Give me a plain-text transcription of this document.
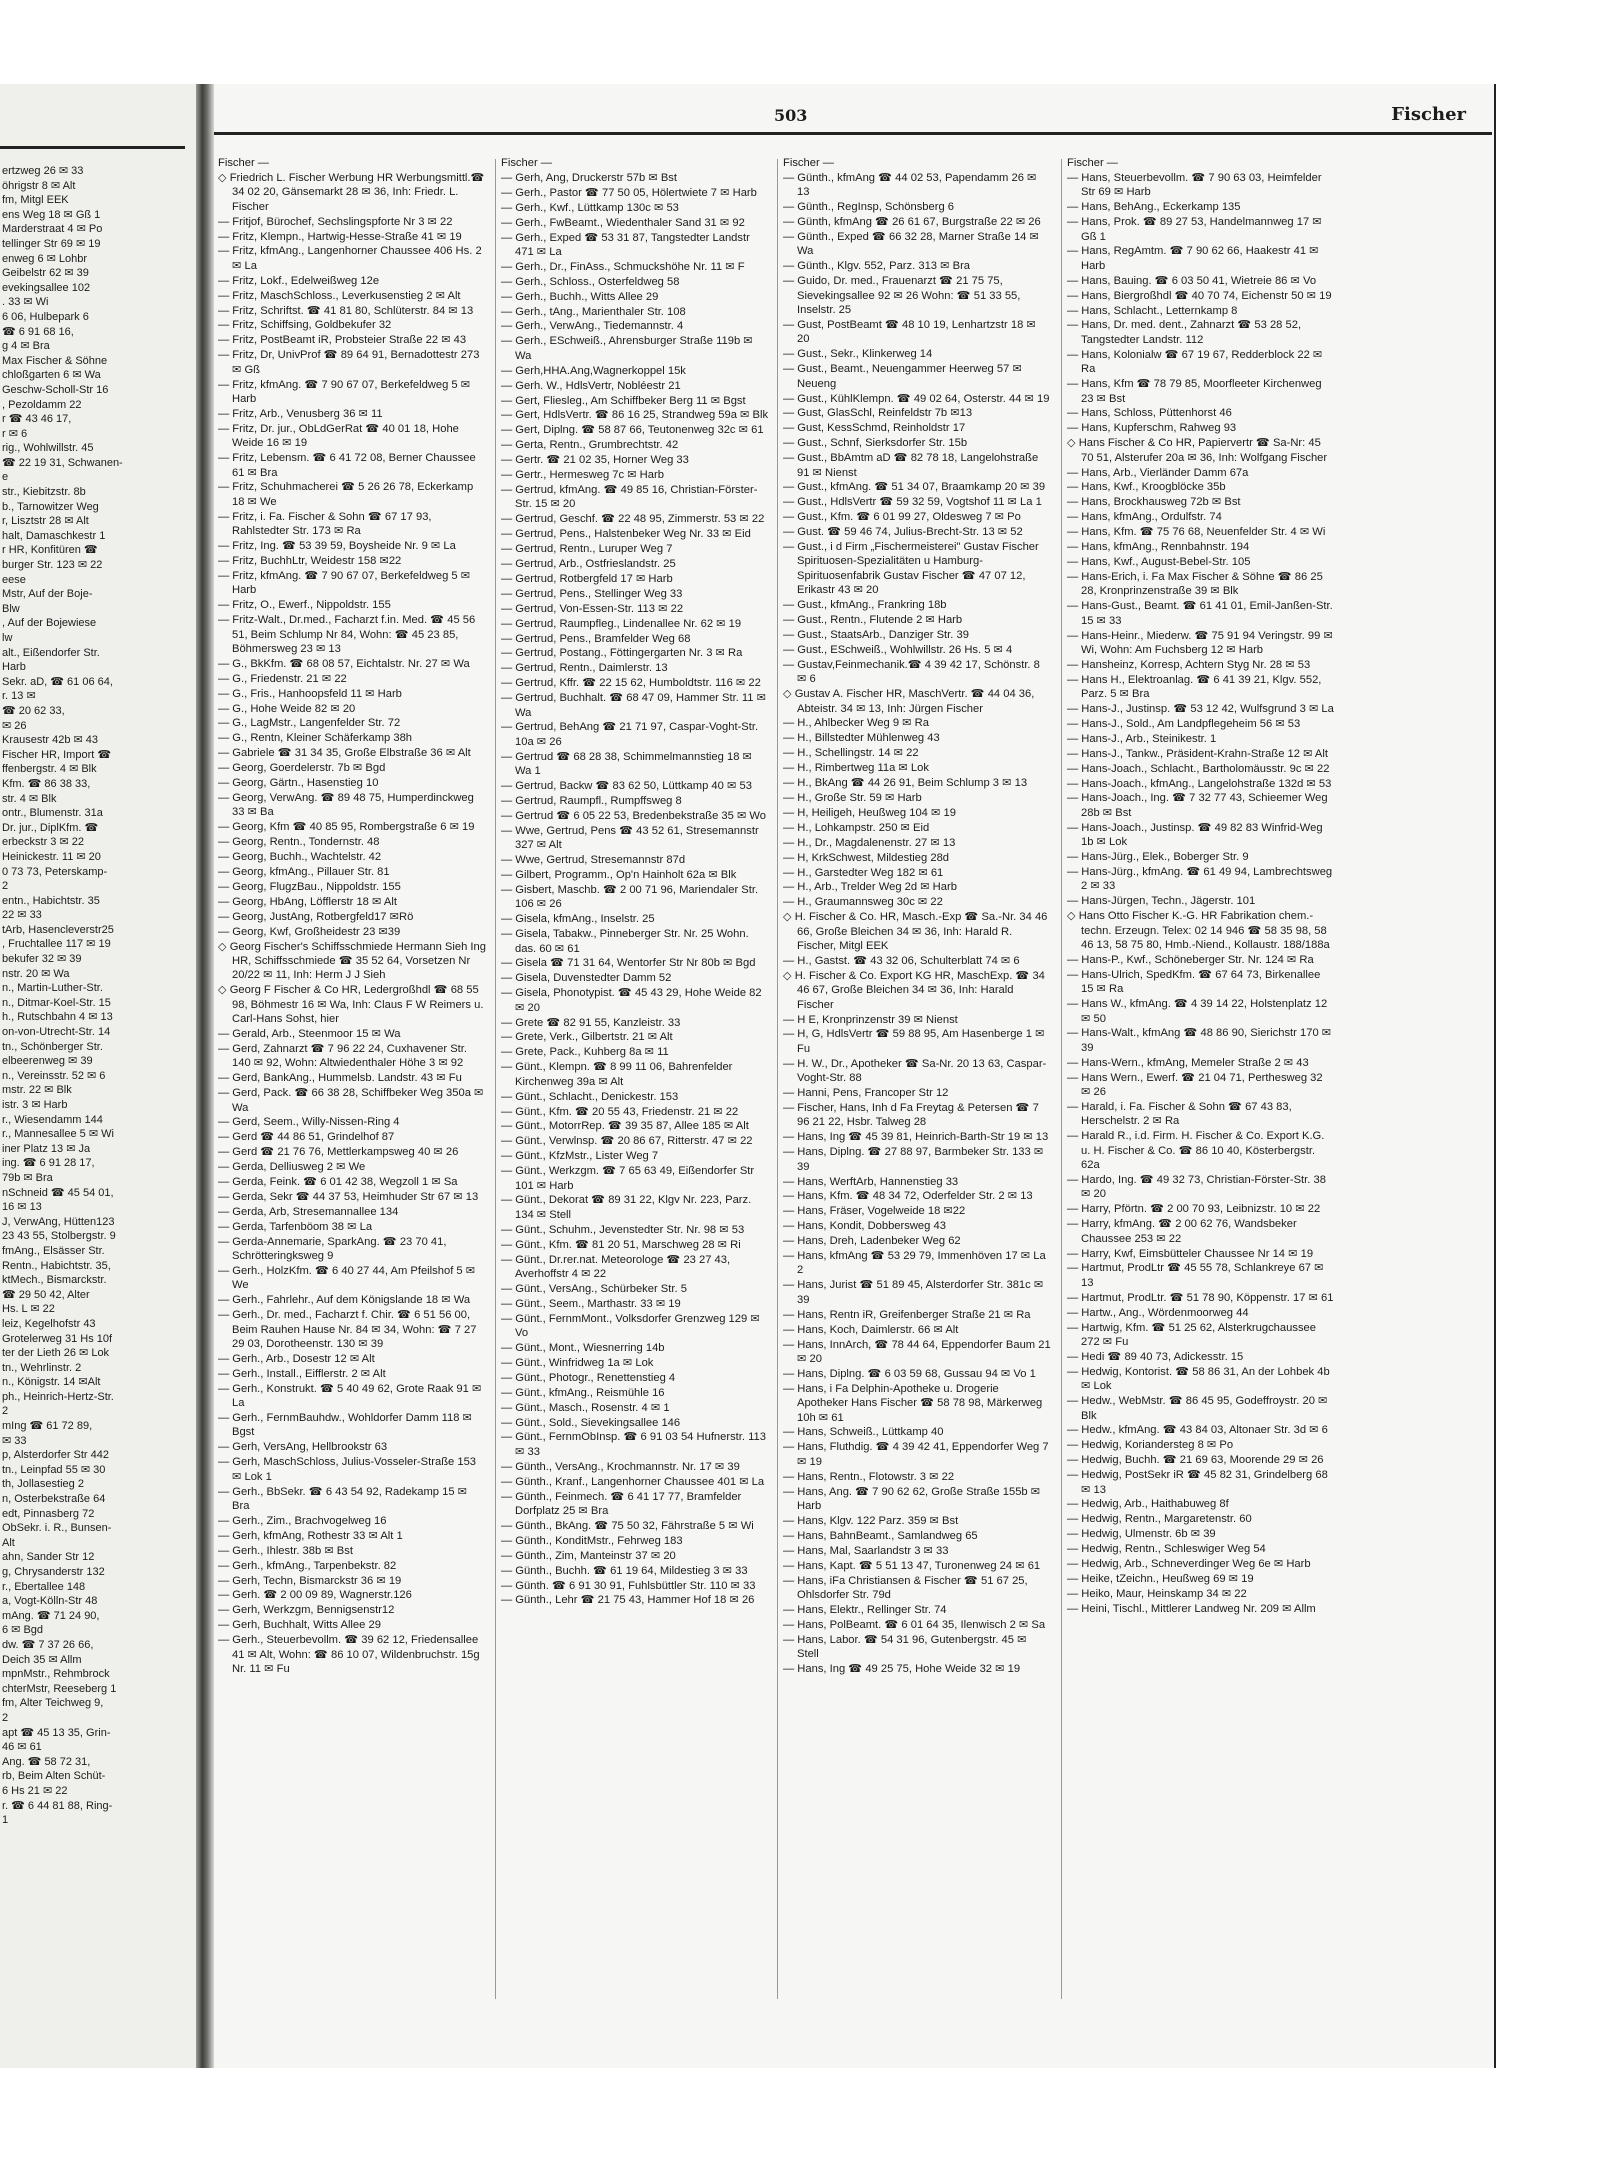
ertzweg 26 ✉ 33
öhrigstr 8 ✉ Alt
fm, Mitgl EEK
ens Weg 18 ✉ Gß 1
Marderstraat 4 ✉ Po
tellinger Str 69 ✉ 19
enweg 6 ✉ Lohbr
Geibelstr 62 ✉ 39
evekingsallee 102
. 33 ✉ Wi
6 06, Hulbepark 6
☎ 6 91 68 16,
g 4 ✉ Bra
Max Fischer & Söhne
chloßgarten 6 ✉ Wa
Geschw-Scholl-Str 16
, Pezoldamm 22
r ☎ 43 46 17,
r ✉ 6
rig., Wohlwillstr. 45
☎ 22 19 31, Schwanen-
e
str., Kiebitzstr. 8b
b., Tarnowitzer Weg
r, Lisztstr 28 ✉ Alt
halt, Damaschkestr 1
r HR, Konfitüren ☎
burger Str. 123 ✉ 22
eese
Mstr, Auf der Boje-
Blw
, Auf der Bojewiese
lw
alt., Eißendorfer Str.
Harb
Sekr. aD, ☎ 61 06 64,
r. 13 ✉
☎ 20 62 33,
✉ 26
Krausestr 42b ✉ 43
Fischer HR, Import ☎
ffenbergstr. 4 ✉ Blk
Kfm. ☎ 86 38 33,
str. 4 ✉ Blk
ontr., Blumenstr. 31a
Dr. jur., DiplKfm. ☎
erbeckstr 3 ✉ 22
Heinickestr. 11 ✉ 20
0 73 73, Peterskamp-
2
entn., Habichtstr. 35
22 ✉ 33
tArb, Hasencleverstr25
, Fruchtallee 117 ✉ 19
bekufer 32 ✉ 39
nstr. 20 ✉ Wa
n., Martin-Luther-Str.
n., Ditmar-Koel-Str. 15
h., Rutschbahn 4 ✉ 13
on-von-Utrecht-Str. 14
tn., Schönberger Str.
elbeerenweg ✉ 39
n., Vereinsstr. 52 ✉ 6
mstr. 22 ✉ Blk
istr. 3 ✉ Harb
r., Wiesendamm 144
r., Mannesallee 5 ✉ Wi
iner Platz 13 ✉ Ja
ing. ☎ 6 91 28 17,
79b ✉ Bra
nSchneid ☎ 45 54 01,
16 ✉ 13
J, VerwAng, Hütten123
23 43 55, Stolbergstr. 9
fmAng., Elsässer Str.
Rentn., Habichtstr. 35,
ktMech., Bismarckstr.
☎ 29 50 42, Alter
Hs. L ✉ 22
leiz, Kegelhofstr 43
Grotelerweg 31 Hs 10f
ter der Lieth 26 ✉ Lok
tn., Wehrlinstr. 2
n., Königstr. 14 ✉Alt
ph., Heinrich-Hertz-Str.
2
mIng ☎ 61 72 89,
✉ 33
p, Alsterdorfer Str 442
tn., Leinpfad 55 ✉ 30
th, Jollasestieg 2
n, Osterbekstraße 64
edt, Pinnasberg 72
ObSekr. i. R., Bunsen-
Alt
ahn, Sander Str 12
g, Chrysanderstr 132
r., Ebertallee 148
a, Vogt-Kölln-Str 48
mAng. ☎ 71 24 90,
6 ✉ Bgd
dw. ☎ 7 37 26 66,
Deich 35 ✉ Allm
mpnMstr., Rehmbrock
chterMstr, Reeseberg 1
fm, Alter Teichweg 9,
2
apt ☎ 45 13 35, Grin-
46 ✉ 61
Ang. ☎ 58 72 31,
rb, Beim Alten Schüt-
6 Hs 21 ✉ 22
r. ☎ 6 44 81 88, Ring-
1
503	Fischer
Fischer —
◇ Friedrich L. Fischer Werbung HR Werbungsmittl.☎ 34 02 20, Gänsemarkt 28 ✉ 36, Inh: Friedr. L. Fischer
— Fritjof, Bürochef, Sechslingspforte Nr 3 ✉ 22
— Fritz, Klempn., Hartwig-Hesse-Straße 41 ✉ 19
— Fritz, kfmAng., Langenhorner Chaussee 406 Hs. 2 ✉ La
— Fritz, Lokf., Edelweißweg 12e
— Fritz, MaschSchloss., Leverkusenstieg 2 ✉ Alt
— Fritz, Schriftst. ☎ 41 81 80, Schlüterstr. 84 ✉ 13
— Fritz, Schiffsing, Goldbekufer 32
— Fritz, PostBeamt iR, Probsteier Straße 22 ✉ 43
— Fritz, Dr, UnivProf ☎ 89 64 91, Bernadottestr 273 ✉ Gß
— Fritz, kfmAng. ☎ 7 90 67 07, Berkefeldweg 5 ✉ Harb
— Fritz, Arb., Venusberg 36 ✉ 11
— Fritz, Dr. jur., ObLdGerRat ☎ 40 01 18, Hohe Weide 16 ✉ 19
— Fritz, Lebensm. ☎ 6 41 72 08, Berner Chaussee 61 ✉ Bra
— Fritz, Schuhmacherei ☎ 5 26 26 78, Eckerkamp 18 ✉ We
— Fritz, i. Fa. Fischer & Sohn ☎ 67 17 93, Rahlstedter Str. 173 ✉ Ra
— Fritz, Ing. ☎ 53 39 59, Boysheide Nr. 9 ✉ La
— Fritz, BuchhLtr, Weidestr 158 ✉22
— Fritz, kfmAng. ☎ 7 90 67 07, Berkefeldweg 5 ✉ Harb
— Fritz, O., Ewerf., Nippoldstr. 155
— Fritz-Walt., Dr.med., Facharzt f.in. Med. ☎ 45 56 51, Beim Schlump Nr 84, Wohn: ☎ 45 23 85, Böhmersweg 23 ✉ 13
— G., BkKfm. ☎ 68 08 57, Eichtalstr. Nr. 27 ✉ Wa
— G., Friedenstr. 21 ✉ 22
— G., Fris., Hanhoopsfeld 11 ✉ Harb
— G., Hohe Weide 82 ✉ 20
— G., LagMstr., Langenfelder Str. 72
— G., Rentn, Kleiner Schäferkamp 38h
— Gabriele ☎ 31 34 35, Große Elbstraße 36 ✉ Alt
— Georg, Goerdelerstr. 7b ✉ Bgd
— Georg, Gärtn., Hasenstieg 10
— Georg, VerwAng. ☎ 89 48 75, Humperdinckweg 33 ✉ Ba
— Georg, Kfm ☎ 40 85 95, Rombergstraße 6 ✉ 19
— Georg, Rentn., Tondernstr. 48
— Georg, Buchh., Wachtelstr. 42
— Georg, kfmAng., Pillauer Str. 81
— Georg, FlugzBau., Nippoldstr. 155
— Georg, HbAng, Löfflerstr 18 ✉ Alt
— Georg, JustAng, Rotbergfeld17 ✉Rö
— Georg, Kwf, Großheidestr 23 ✉39
◇ Georg Fischer's Schiffsschmiede Hermann Sieh Ing HR, Schiffsschmiede ☎ 35 52 64, Vorsetzen Nr 20/22 ✉ 11, Inh: Herm J J Sieh
◇ Georg F Fischer & Co HR, Ledergroßhdl ☎ 68 55 98, Böhmestr 16 ✉ Wa, Inh: Claus F W Reimers u. Carl-Hans Sohst, hier
— Gerald, Arb., Steenmoor 15 ✉ Wa
— Gerd, Zahnarzt ☎ 7 96 22 24, Cuxhavener Str. 140 ✉ 92, Wohn: Altwiedenthaler Höhe 3 ✉ 92
— Gerd, BankAng., Hummelsb. Landstr. 43 ✉ Fu
— Gerd, Pack. ☎ 66 38 28, Schiffbeker Weg 350a ✉ Wa
— Gerd, Seem., Willy-Nissen-Ring 4
— Gerd ☎ 44 86 51, Grindelhof 87
— Gerd ☎ 21 76 76, Mettlerkampsweg 40 ✉ 26
— Gerda, Delliusweg 2 ✉ We
— Gerda, Feink. ☎ 6 01 42 38, Wegzoll 1 ✉ Sa
— Gerda, Sekr ☎ 44 37 53, Heimhuder Str 67 ✉ 13
— Gerda, Arb, Stresemannallee 134
— Gerda, Tarfenböom 38 ✉ La
— Gerda-Annemarie, SparkAng. ☎ 23 70 41, Schrötteringksweg 9
— Gerh., HolzKfm. ☎ 6 40 27 44, Am Pfeilshof 5 ✉ We
— Gerh., Fahrlehr., Auf dem Königslande 18 ✉ Wa
— Gerh., Dr. med., Facharzt f. Chir. ☎ 6 51 56 00, Beim Rauhen Hause Nr. 84 ✉ 34, Wohn: ☎ 7 27 29 03, Dorotheenstr. 130 ✉ 39
— Gerh., Arb., Dosestr 12 ✉ Alt
— Gerh., Install., Eifflerstr. 2 ✉ Alt
— Gerh., Konstrukt. ☎ 5 40 49 62, Grote Raak 91 ✉ La
— Gerh., FernmBauhdw., Wohldorfer Damm 118 ✉ Bgst
— Gerh, VersAng, Hellbrookstr 63
— Gerh, MaschSchloss, Julius-Vosseler-Straße 153 ✉ Lok 1
— Gerh., BbSekr. ☎ 6 43 54 92, Radekamp 15 ✉ Bra
— Gerh., Zim., Brachvogelweg 16
— Gerh, kfmAng, Rothestr 33 ✉ Alt 1
— Gerh., Ihlestr. 38b ✉ Bst
— Gerh., kfmAng., Tarpenbekstr. 82
— Gerh, Techn, Bismarckstr 36 ✉ 19
— Gerh. ☎ 2 00 09 89, Wagnerstr.126
— Gerh, Werkzgm, Bennigsenstr12
— Gerh, Buchhalt, Witts Allee 29
— Gerh., Steuerbevollm. ☎ 39 62 12, Friedensallee 41 ✉ Alt, Wohn: ☎ 86 10 07, Wildenbruchstr. 15g Nr. 11 ✉ Fu
Fischer —
— Gerh, Ang, Druckerstr 57b ✉ Bst
— Gerh., Pastor ☎ 77 50 05, Hölertwiete 7 ✉ Harb
— Gerh., Kwf., Lüttkamp 130c ✉ 53
— Gerh., FwBeamt., Wiedenthaler Sand 31 ✉ 92
— Gerh., Exped ☎ 53 31 87, Tangstedter Landstr 471 ✉ La
— Gerh., Dr., FinAss., Schmuckshöhe Nr. 11 ✉ F
— Gerh., Schloss., Osterfeldweg 58
— Gerh., Buchh., Witts Allee 29
— Gerh., tAng., Marienthaler Str. 108
— Gerh., VerwAng., Tiedemannstr. 4
— Gerh., ESchweiß., Ahrensburger Straße 119b ✉ Wa
— Gerh,HHA.Ang,Wagnerkoppel 15k
— Gerh. W., HdlsVertr, Nobléestr 21
— Gert, Fliesleg., Am Schiffbeker Berg 11 ✉ Bgst
— Gert, HdlsVertr. ☎ 86 16 25, Strandweg 59a ✉ Blk
— Gert, Diplng. ☎ 58 87 66, Teutonenweg 32c ✉ 61
— Gerta, Rentn., Grumbrechtstr. 42
— Gertr. ☎ 21 02 35, Horner Weg 33
— Gertr., Hermesweg 7c ✉ Harb
— Gertrud, kfmAng. ☎ 49 85 16, Christian-Förster-Str. 15 ✉ 20
— Gertrud, Geschf. ☎ 22 48 95, Zimmerstr. 53 ✉ 22
— Gertrud, Pens., Halstenbeker Weg Nr. 33 ✉ Eid
— Gertrud, Rentn., Luruper Weg 7
— Gertrud, Arb., Ostfrieslandstr. 25
— Gertrud, Rotbergfeld 17 ✉ Harb
— Gertrud, Pens., Stellinger Weg 33
— Gertrud, Von-Essen-Str. 113 ✉ 22
— Gertrud, Raumpfleg., Lindenallee Nr. 62 ✉ 19
— Gertrud, Pens., Bramfelder Weg 68
— Gertrud, Postang., Föttingergarten Nr. 3 ✉ Ra
— Gertrud, Rentn., Daimlerstr. 13
— Gertrud, Kffr. ☎ 22 15 62, Humboldtstr. 116 ✉ 22
— Gertrud, Buchhalt. ☎ 68 47 09, Hammer Str. 11 ✉ Wa
— Gertrud, BehAng ☎ 21 71 97, Caspar-Voght-Str. 10a ✉ 26
— Gertrud ☎ 68 28 38, Schimmelmannstieg 18 ✉ Wa 1
— Gertrud, Backw ☎ 83 62 50, Lüttkamp 40 ✉ 53
— Gertrud, Raumpfl., Rumpffsweg 8
— Gertrud ☎ 6 05 22 53, Bredenbekstraße 35 ✉ Wo
— Wwe, Gertrud, Pens ☎ 43 52 61, Stresemannstr 327 ✉ Alt
— Wwe, Gertrud, Stresemannstr 87d
— Gilbert, Programm., Op'n Hainholt 62a ✉ Blk
— Gisbert, Maschb. ☎ 2 00 71 96, Mariendaler Str. 106 ✉ 26
— Gisela, kfmAng., Inselstr. 25
— Gisela, Tabakw., Pinneberger Str. Nr. 25 Wohn. das. 60 ✉ 61
— Gisela ☎ 71 31 64, Wentorfer Str Nr 80b ✉ Bgd
— Gisela, Duvenstedter Damm 52
— Gisela, Phonotypist. ☎ 45 43 29, Hohe Weide 82 ✉ 20
— Grete ☎ 82 91 55, Kanzleistr. 33
— Grete, Verk., Gilbertstr. 21 ✉ Alt
— Grete, Pack., Kuhberg 8a ✉ 11
— Günt., Klempn. ☎ 8 99 11 06, Bahrenfelder Kirchenweg 39a ✉ Alt
— Günt., Schlacht., Denickestr. 153
— Günt., Kfm. ☎ 20 55 43, Friedenstr. 21 ✉ 22
— Günt., MotorrRep. ☎ 39 35 87, Allee 185 ✉ Alt
— Günt., Verwlnsp. ☎ 20 86 67, Ritterstr. 47 ✉ 22
— Günt., KfzMstr., Lister Weg 7
— Günt., Werkzgm. ☎ 7 65 63 49, Eißendorfer Str 101 ✉ Harb
— Günt., Dekorat ☎ 89 31 22, Klgv Nr. 223, Parz. 134 ✉ Stell
— Günt., Schuhm., Jevenstedter Str. Nr. 98 ✉ 53
— Günt., Kfm. ☎ 81 20 51, Marschweg 28 ✉ Ri
— Günt., Dr.rer.nat. Meteorologe ☎ 23 27 43, Averhoffstr 4 ✉ 22
— Günt., VersAng., Schürbeker Str. 5
— Günt., Seem., Marthastr. 33 ✉ 19
— Günt., FernmMont., Volksdorfer Grenzweg 129 ✉ Vo
— Günt., Mont., Wiesnerring 14b
— Günt., Winfridweg 1a ✉ Lok
— Günt., Photogr., Renettenstieg 4
— Günt., kfmAng., Reismühle 16
— Günt., Masch., Rosenstr. 4 ✉ 1
— Günt., Sold., Sievekingsallee 146
— Günt., FernmObInsp. ☎ 6 91 03 54 Hufnerstr. 113 ✉ 33
— Günth., VersAng., Krochmannstr. Nr. 17 ✉ 39
— Günth., Kranf., Langenhorner Chaussee 401 ✉ La
— Günth., Feinmech. ☎ 6 41 17 77, Bramfelder Dorfplatz 25 ✉ Bra
— Günth., BkAng. ☎ 75 50 32, Fährstraße 5 ✉ Wi
— Günth., KonditMstr., Fehrweg 183
— Günth., Zim, Manteinstr 37 ✉ 20
— Günth., Buchh. ☎ 61 19 64, Mildestieg 3 ✉ 33
— Günth. ☎ 6 91 30 91, Fuhlsbüttler Str. 110 ✉ 33
— Günth., Lehr ☎ 21 75 43, Hammer Hof 18 ✉ 26
Fischer —
— Günth., kfmAng ☎ 44 02 53, Papendamm 26 ✉ 13
— Günth., RegInsp, Schönsberg 6
— Günth, kfmAng ☎ 26 61 67, Burgstraße 22 ✉ 26
— Günth., Exped ☎ 66 32 28, Marner Straße 14 ✉ Wa
— Günth., Klgv. 552, Parz. 313 ✉ Bra
— Guido, Dr. med., Frauenarzt ☎ 21 75 75, Sievekingsallee 92 ✉ 26 Wohn: ☎ 51 33 55, Inselstr. 25
— Gust, PostBeamt ☎ 48 10 19, Lenhartzstr 18 ✉ 20
— Gust., Sekr., Klinkerweg 14
— Gust., Beamt., Neuengammer Heerweg 57 ✉ Neueng
— Gust., KühlKlempn. ☎ 49 02 64, Osterstr. 44 ✉ 19
— Gust, GlasSchl, Reinfeldstr 7b ✉13
— Gust, KessSchmd, Reinholdstr 17
— Gust., Schnf, Sierksdorfer Str. 15b
— Gust., BbAmtm aD ☎ 82 78 18, Langelohstraße 91 ✉ Nienst
— Gust., kfmAng. ☎ 51 34 07, Braamkamp 20 ✉ 39
— Gust., HdlsVertr ☎ 59 32 59, Vogtshof 11 ✉ La 1
— Gust., Kfm. ☎ 6 01 99 27, Oldesweg 7 ✉ Po
— Gust. ☎ 59 46 74, Julius-Brecht-Str. 13 ✉ 52
— Gust., i d Firm „Fischermeisterei" Gustav Fischer Spirituosen-Spezialitäten u Hamburg-Spirituosenfabrik Gustav Fischer ☎ 47 07 12, Erikastr 43 ✉ 20
— Gust., kfmAng., Frankring 18b
— Gust., Rentn., Flutende 2 ✉ Harb
— Gust., StaatsArb., Danziger Str. 39
— Gust., ESchweiß., Wohlwillstr. 26 Hs. 5 ✉ 4
— Gustav,Feinmechanik.☎ 4 39 42 17, Schönstr. 8 ✉ 6
◇ Gustav A. Fischer HR, MaschVertr. ☎ 44 04 36, Abteistr. 34 ✉ 13, Inh: Jürgen Fischer
— H., Ahlbecker Weg 9 ✉ Ra
— H., Billstedter Mühlenweg 43
— H., Schellingstr. 14 ✉ 22
— H., Rimbertweg 11a ✉ Lok
— H., BkAng ☎ 44 26 91, Beim Schlump 3 ✉ 13
— H., Große Str. 59 ✉ Harb
— H, Heiligeh, Heußweg 104 ✉ 19
— H., Lohkampstr. 250 ✉ Eid
— H., Dr., Magdalenenstr. 27 ✉ 13
— H, KrkSchwest, Mildestieg 28d
— H., Garstedter Weg 182 ✉ 61
— H., Arb., Trelder Weg 2d ✉ Harb
— H., Graumannsweg 30c ✉ 22
◇ H. Fischer & Co. HR, Masch.-Exp ☎ Sa.-Nr. 34 46 66, Große Bleichen 34 ✉ 36, Inh: Harald R. Fischer, Mitgl EEK
— H., Gastst. ☎ 43 32 06, Schulterblatt 74 ✉ 6
◇ H. Fischer & Co. Export KG HR, MaschExp. ☎ 34 46 67, Große Bleichen 34 ✉ 36, Inh: Harald Fischer
— H E, Kronprinzenstr 39 ✉ Nienst
— H, G, HdlsVertr ☎ 59 88 95, Am Hasenberge 1 ✉ Fu
— H. W., Dr., Apotheker ☎ Sa-Nr. 20 13 63, Caspar-Voght-Str. 88
— Hanni, Pens, Francoper Str 12
— Fischer, Hans, Inh d Fa Freytag & Petersen ☎ 7 96 21 22, Hsbr. Talweg 28
— Hans, Ing ☎ 45 39 81, Heinrich-Barth-Str 19 ✉ 13
— Hans, Diplng. ☎ 27 88 97, Barmbeker Str. 133 ✉ 39
— Hans, WerftArb, Hannenstieg 33
— Hans, Kfm. ☎ 48 34 72, Oderfelder Str. 2 ✉ 13
— Hans, Fräser, Vogelweide 18 ✉22
— Hans, Kondit, Dobbersweg 43
— Hans, Dreh, Ladenbeker Weg 62
— Hans, kfmAng ☎ 53 29 79, Immenhöven 17 ✉ La 2
— Hans, Jurist ☎ 51 89 45, Alsterdorfer Str. 381c ✉ 39
— Hans, Rentn iR, Greifenberger Straße 21 ✉ Ra
— Hans, Koch, Daimlerstr. 66 ✉ Alt
— Hans, InnArch, ☎ 78 44 64, Eppendorfer Baum 21 ✉ 20
— Hans, Diplng. ☎ 6 03 59 68, Gussau 94 ✉ Vo 1
— Hans, i Fa Delphin-Apotheke u. Drogerie Apotheker Hans Fischer ☎ 58 78 98, Märkerweg 10h ✉ 61
— Hans, Schweiß., Lüttkamp 40
— Hans, Fluthdig. ☎ 4 39 42 41, Eppendorfer Weg 7 ✉ 19
— Hans, Rentn., Flotowstr. 3 ✉ 22
— Hans, Ang. ☎ 7 90 62 62, Große Straße 155b ✉ Harb
— Hans, Klgv. 122 Parz. 359 ✉ Bst
— Hans, BahnBeamt., Samlandweg 65
— Hans, Mal, Saarlandstr 3 ✉ 33
— Hans, Kapt. ☎ 5 51 13 47, Turonenweg 24 ✉ 61
— Hans, iFa Christiansen & Fischer ☎ 51 67 25, Ohlsdorfer Str. 79d
— Hans, Elektr., Rellinger Str. 74
— Hans, PolBeamt. ☎ 6 01 64 35, Ilenwisch 2 ✉ Sa
— Hans, Labor. ☎ 54 31 96, Gutenbergstr. 45 ✉ Stell
— Hans, Ing ☎ 49 25 75, Hohe Weide 32 ✉ 19
Fischer —
— Hans, Steuerbevollm. ☎ 7 90 63 03, Heimfelder Str 69 ✉ Harb
— Hans, BehAng., Eckerkamp 135
— Hans, Prok. ☎ 89 27 53, Handelmannweg 17 ✉ Gß 1
— Hans, RegAmtm. ☎ 7 90 62 66, Haakestr 41 ✉ Harb
— Hans, Bauing. ☎ 6 03 50 41, Wietreie 86 ✉ Vo
— Hans, Biergroßhdl ☎ 40 70 74, Eichenstr 50 ✉ 19
— Hans, Schlacht., Letternkamp 8
— Hans, Dr. med. dent., Zahnarzt ☎ 53 28 52, Tangstedter Landstr. 112
— Hans, Kolonialw ☎ 67 19 67, Redderblock 22 ✉ Ra
— Hans, Kfm ☎ 78 79 85, Moorfleeter Kirchenweg 23 ✉ Bst
— Hans, Schloss, Püttenhorst 46
— Hans, Kupferschm, Rahweg 93
◇ Hans Fischer & Co HR, Papiervertr ☎ Sa-Nr: 45 70 51, Alsterufer 20a ✉ 36, Inh: Wolfgang Fischer
— Hans, Arb., Vierländer Damm 67a
— Hans, Kwf., Kroogblöcke 35b
— Hans, Brockhausweg 72b ✉ Bst
— Hans, kfmAng., Ordulfstr. 74
— Hans, Kfm. ☎ 75 76 68, Neuenfelder Str. 4 ✉ Wi
— Hans, kfmAng., Rennbahnstr. 194
— Hans, Kwf., August-Bebel-Str. 105
— Hans-Erich, i. Fa Max Fischer & Söhne ☎ 86 25 28, Kronprinzenstraße 39 ✉ Blk
— Hans-Gust., Beamt. ☎ 61 41 01, Emil-Janßen-Str. 15 ✉ 33
— Hans-Heinr., Miederw. ☎ 75 91 94 Veringstr. 99 ✉ Wi, Wohn: Am Fuchsberg 12 ✉ Harb
— Hansheinz, Korresp, Achtern Styg Nr. 28 ✉ 53
— Hans H., Elektroanlag. ☎ 6 41 39 21, Klgv. 552, Parz. 5 ✉ Bra
— Hans-J., Justinsp. ☎ 53 12 42, Wulfsgrund 3 ✉ La
— Hans-J., Sold., Am Landpflegeheim 56 ✉ 53
— Hans-J., Arb., Steinikestr. 1
— Hans-J., Tankw., Präsident-Krahn-Straße 12 ✉ Alt
— Hans-Joach., Schlacht., Bartholomäusstr. 9c ✉ 22
— Hans-Joach., kfmAng., Langelohstraße 132d ✉ 53
— Hans-Joach., Ing. ☎ 7 32 77 43, Schieemer Weg 28b ✉ Bst
— Hans-Joach., Justinsp. ☎ 49 82 83 Winfrid-Weg 1b ✉ Lok
— Hans-Jürg., Elek., Boberger Str. 9
— Hans-Jürg., kfmAng. ☎ 61 49 94, Lambrechtsweg 2 ✉ 33
— Hans-Jürgen, Techn., Jägerstr. 101
◇ Hans Otto Fischer K.-G. HR Fabrikation chem.-techn. Erzeugn. Telex: 02 14 946 ☎ 58 35 98, 58 46 13, 58 75 80, Hmb.-Niend., Kollaustr. 188/188a
— Hans-P., Kwf., Schöneberger Str. Nr. 124 ✉ Ra
— Hans-Ulrich, SpedKfm. ☎ 67 64 73, Birkenallee 15 ✉ Ra
— Hans W., kfmAng. ☎ 4 39 14 22, Holstenplatz 12 ✉ 50
— Hans-Walt., kfmAng ☎ 48 86 90, Sierichstr 170 ✉ 39
— Hans-Wern., kfmAng, Memeler Straße 2 ✉ 43
— Hans Wern., Ewerf. ☎ 21 04 71, Perthesweg 32 ✉ 26
— Harald, i. Fa. Fischer & Sohn ☎ 67 43 83, Herschelstr. 2 ✉ Ra
— Harald R., i.d. Firm. H. Fischer & Co. Export K.G. u. H. Fischer & Co. ☎ 86 10 40, Kösterbergstr. 62a
— Hardo, Ing. ☎ 49 32 73, Christian-Förster-Str. 38 ✉ 20
— Harry, Pförtn. ☎ 2 00 70 93, Leibnizstr. 10 ✉ 22
— Harry, kfmAng. ☎ 2 00 62 76, Wandsbeker Chaussee 253 ✉ 22
— Harry, Kwf, Eimsbütteler Chaussee Nr 14 ✉ 19
— Hartmut, ProdLtr ☎ 45 55 78, Schlankreye 67 ✉ 13
— Hartmut, ProdLtr. ☎ 51 78 90, Köppenstr. 17 ✉ 61
— Hartw., Ang., Wördenmoorweg 44
— Hartwig, Kfm. ☎ 51 25 62, Alsterkrugchaussee 272 ✉ Fu
— Hedi ☎ 89 40 73, Adickesstr. 15
— Hedwig, Kontorist. ☎ 58 86 31, An der Lohbek 4b ✉ Lok
— Hedw., WebMstr. ☎ 86 45 95, Godeffroystr. 20 ✉ Blk
— Hedw., kfmAng. ☎ 43 84 03, Altonaer Str. 3d ✉ 6
— Hedwig, Koriandersteg 8 ✉ Po
— Hedwig, Buchh. ☎ 21 69 63, Moorende 29 ✉ 26
— Hedwig, PostSekr iR ☎ 45 82 31, Grindelberg 68 ✉ 13
— Hedwig, Arb., Haithabuweg 8f
— Hedwig, Rentn., Margaretenstr. 60
— Hedwig, Ulmenstr. 6b ✉ 39
— Hedwig, Rentn., Schleswiger Weg 54
— Hedwig, Arb., Schneverdinger Weg 6e ✉ Harb
— Heike, tZeichn., Heußweg 69 ✉ 19
— Heiko, Maur, Heinskamp 34 ✉ 22
— Heini, Tischl., Mittlerer Landweg Nr. 209 ✉ Allm
